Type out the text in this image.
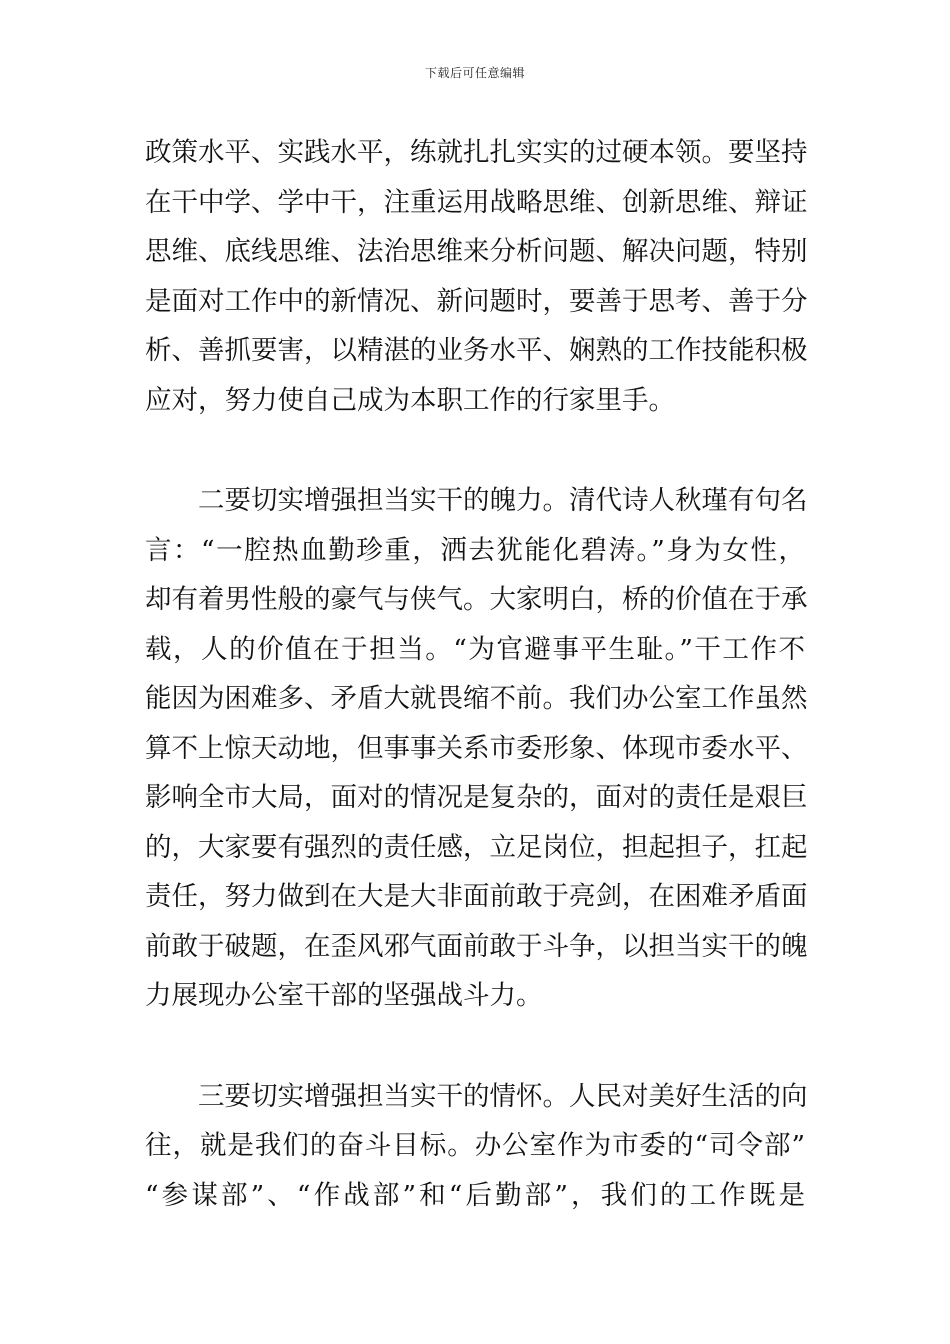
下载后可任意编辑
政策水平、实践水平，练就扎扎实实的过硬本领。要坚持
在干中学、学中干，注重运用战略思维、创新思维、辩证
思维、底线思维、法治思维来分析问题、解决问题，特别
是面对工作中的新情况、新问题时，要善于思考、善于分
析、善抓要害，以精湛的业务水平、娴熟的工作技能积极
应对，努力使自己成为本职工作的行家里手。
二要切实增强担当实干的魄力。清代诗人秋瑾有句名
言：“一腔热血勤珍重，洒去犹能化碧涛。”身为女性，
却有着男性般的豪气与侠气。大家明白，桥的价值在于承
载，人的价值在于担当。“为官避事平生耻。”干工作不
能因为困难多、矛盾大就畏缩不前。我们办公室工作虽然
算不上惊天动地，但事事关系市委形象、体现市委水平、
影响全市大局，面对的情况是复杂的，面对的责任是艰巨
的，大家要有强烈的责任感，立足岗位，担起担子，扛起
责任，努力做到在大是大非面前敢于亮剑，在困难矛盾面
前敢于破题，在歪风邪气面前敢于斗争，以担当实干的魄
力展现办公室干部的坚强战斗力。
三要切实增强担当实干的情怀。人民对美好生活的向
往，就是我们的奋斗目标。办公室作为市委的“司令部”
“参谋部”、“作战部”和“后勤部”，我们的工作既是
